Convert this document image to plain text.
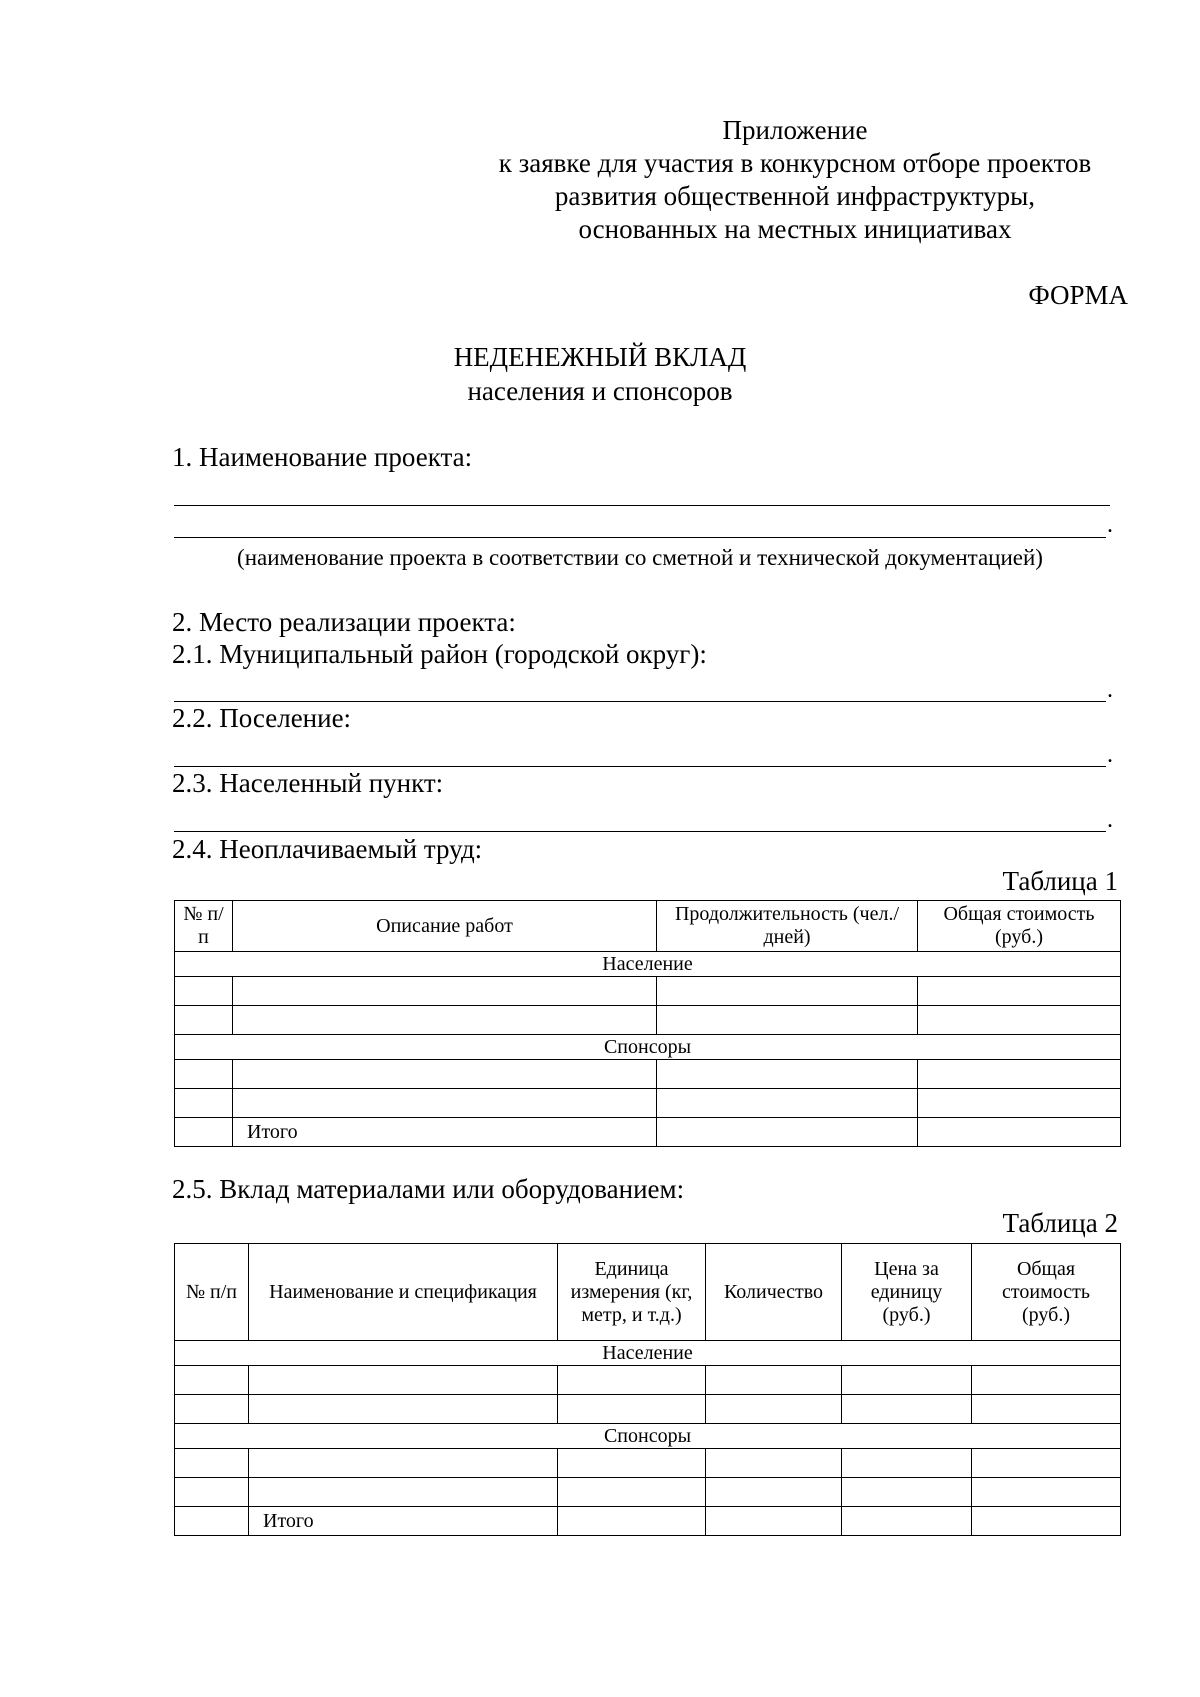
Приложение
к заявке для участия в конкурсном отборе проектов
развития общественной инфраструктуры,
основанных на местных инициативах
ФОРМА
НЕДЕНЕЖНЫЙ ВКЛАД
населения и спонсоров
1. Наименование проекта:
.
(наименование проекта в соответствии со сметной и технической документацией)
2. Место реализации проекта:
2.1. Муниципальный район (городской округ):
.
2.2. Поселение:
.
2.3. Населенный пункт:
.
2.4. Неоплачиваемый труд:
Таблица 1
№ п/п	Описание работ	Продолжительность (чел./дней)	Общая стоимость (руб.)
Население			

Спонсоры			

	Итого		
2.5. Вклад материалами или оборудованием:
Таблица 2
№ п/п	Наименование и спецификация	Единица измерения (кг, метр, и т.д.)	Количество	Цена за единицу (руб.)	Общая стоимость (руб.)
Население					

Спонсоры					

	Итого				
